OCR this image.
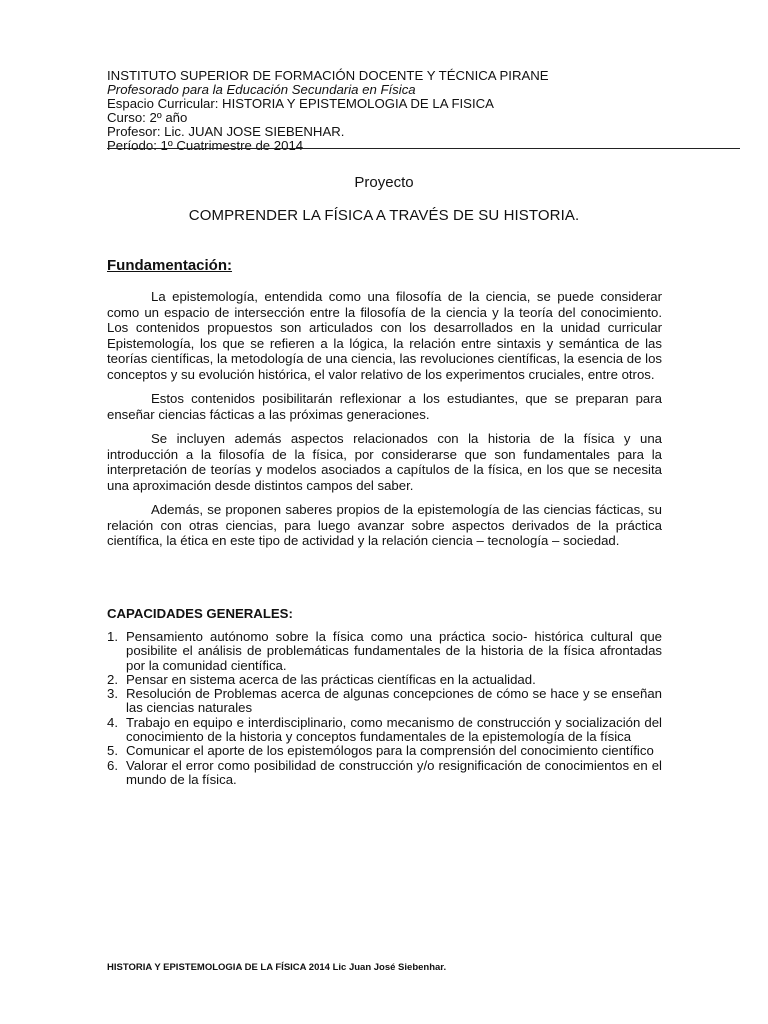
INSTITUTO SUPERIOR DE FORMACIÓN DOCENTE Y TÉCNICA PIRANE
Profesorado para la Educación Secundaria en Física
Espacio Curricular: HISTORIA Y EPISTEMOLOGIA DE LA FISICA
Curso: 2º año
Profesor: Lic. JUAN JOSE SIEBENHAR.
Período: 1º Cuatrimestre de 2014
Proyecto
COMPRENDER LA FÍSICA A TRAVÉS DE SU HISTORIA.
Fundamentación:

La epistemología, entendida como una filosofía de la ciencia, se puede considerar como un espacio de intersección entre la filosofía de la ciencia y la teoría del conocimiento. Los contenidos propuestos son articulados con los desarrollados en la unidad curricular Epistemología, los que se refieren a la lógica, la relación entre sintaxis y semántica de las teorías científicas, la metodología de una ciencia, las revoluciones científicas, la esencia de los conceptos y su evolución histórica, el valor relativo de los experimentos cruciales, entre otros.

Estos contenidos posibilitarán reflexionar a los estudiantes, que se preparan para enseñar ciencias fácticas a las próximas generaciones.

Se incluyen además aspectos relacionados con la historia de la física y una introducción a la filosofía de la física, por considerarse que son fundamentales para la interpretación de teorías y modelos asociados a capítulos de la física, en los que se necesita una aproximación desde distintos campos del saber.

Además, se proponen saberes propios de la epistemología de las ciencias fácticas, su relación con otras ciencias, para luego avanzar sobre aspectos derivados de la práctica científica, la ética en este tipo de actividad y la relación ciencia – tecnología – sociedad.

CAPACIDADES GENERALES:
1. Pensamiento autónomo sobre la física como una práctica socio- histórica cultural que posibilite el análisis de problemáticas fundamentales de la historia de la física afrontadas por la comunidad científica.
2. Pensar en sistema acerca de las prácticas científicas en la actualidad.
3. Resolución de Problemas acerca de algunas concepciones de cómo se hace y se enseñan las ciencias naturales
4. Trabajo en equipo e interdisciplinario, como mecanismo de construcción y socialización del conocimiento de la historia y conceptos fundamentales de la epistemología de la física
5. Comunicar el aporte de los epistemólogos para la comprensión del conocimiento científico
6. Valorar el error como posibilidad de construcción y/o resignificación de conocimientos en el mundo de la física.
HISTORIA Y EPISTEMOLOGIA DE LA FÍSICA 2014 Lic Juan José Siebenhar.
